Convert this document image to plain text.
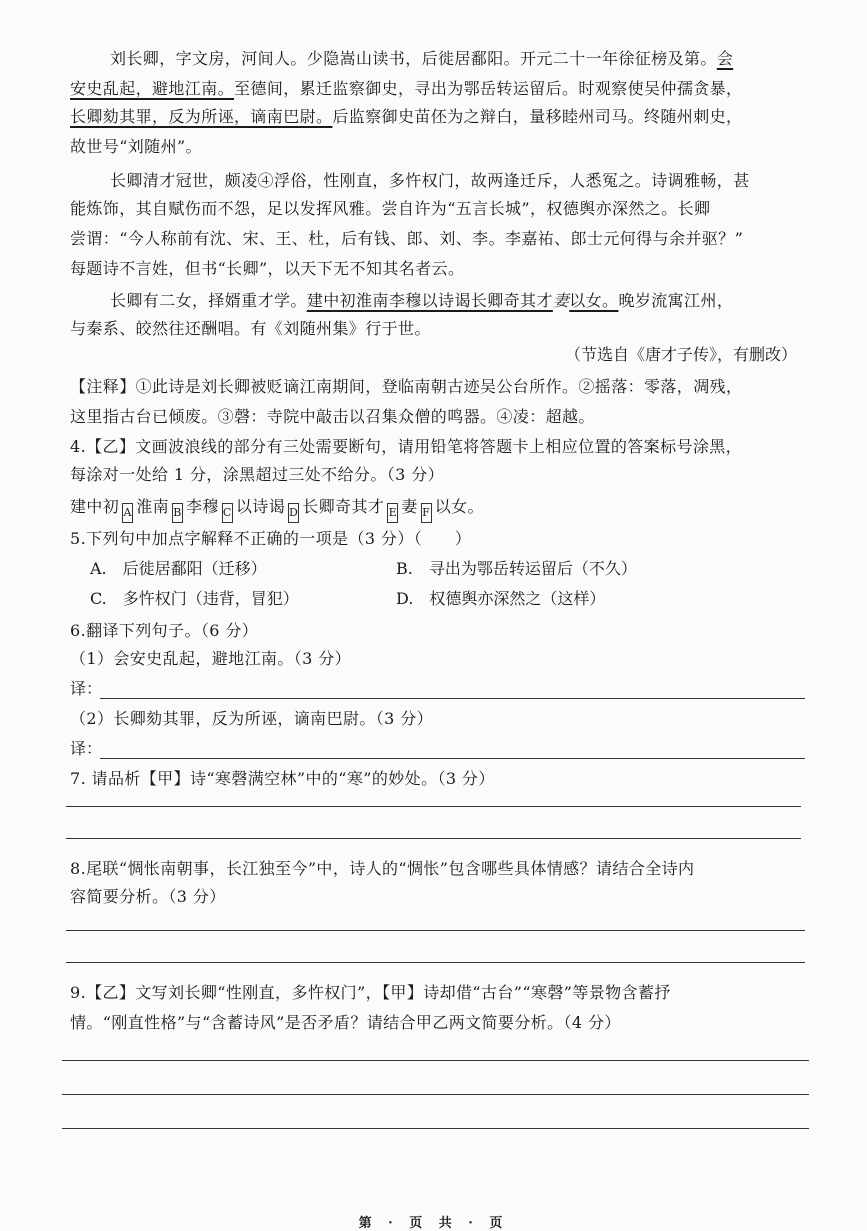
刘长卿，字文房，河间人。少隐嵩山读书，后徙居鄱阳。开元二十一年徐征榜及第。会
安史乱起，避地江南。至德间，累迁监察御史，寻出为鄂岳转运留后。时观察使吴仲孺贪暴，
长卿劾其罪，反为所诬，谪南巴尉。后监察御史苗伾为之辩白，量移睦州司马。终随州刺史，
故世号“刘随州”。
长卿清才冠世，颇凌④浮俗，性刚直，多忤权门，故两逢迁斥，人悉冤之。诗调雅畅，甚
能炼饰，其自赋伤而不怨，足以发挥风雅。尝自许为“五言长城”，权德舆亦深然之。长卿
尝谓：“今人称前有沈、宋、王、杜，后有钱、郎、刘、李。李嘉祐、郎士元何得与余并驱？”
每题诗不言姓，但书“长卿”，以天下无不知其名者云。
长卿有二女，择婿重才学。建中初淮南李穆以诗谒长卿奇其才妻以女。晚岁流寓江州，
与秦系、皎然往还酬唱。有《刘随州集》行于世。
（节选自《唐才子传》，有删改）
【注释】①此诗是刘长卿被贬谪江南期间，登临南朝古迹吴公台所作。②摇落：零落，凋残，
这里指古台已倾废。③磬：寺院中敲击以召集众僧的鸣器。④凌：超越。
4.【乙】文画波浪线的部分有三处需要断句，请用铅笔将答题卡上相应位置的答案标号涂黑，
每涂对一处给 1 分，涂黑超过三处不给分。（3 分）
建中初 A 淮南 B 李穆 C 以诗谒 D 长卿奇其才 E 妻 F 以女。
5.下列句中加点字解释不正确的一项是（3 分）（　　）
A.　后徙居鄱阳（迁移）	B.　寻出为鄂岳转运留后（不久）
C.　多忤权门（违背，冒犯）	D.　权德舆亦深然之（这样）
6.翻译下列句子。（6 分）
（1）会安史乱起，避地江南。（3 分）
译：
（2）长卿劾其罪，反为所诬，谪南巴尉。（3 分）
译：
7. 请品析【甲】诗“寒磬满空林”中的“寒”的妙处。（3 分）
8.尾联“惆怅南朝事，长江独至今”中，诗人的“惆怅”包含哪些具体情感？请结合全诗内
容简要分析。（3 分）
9.【乙】文写刘长卿“性刚直，多忤权门”，【甲】诗却借“古台”“寒磬”等景物含蓄抒
情。“刚直性格”与“含蓄诗风”是否矛盾？请结合甲乙两文简要分析。（4 分）
第 · 页 共 · 页
